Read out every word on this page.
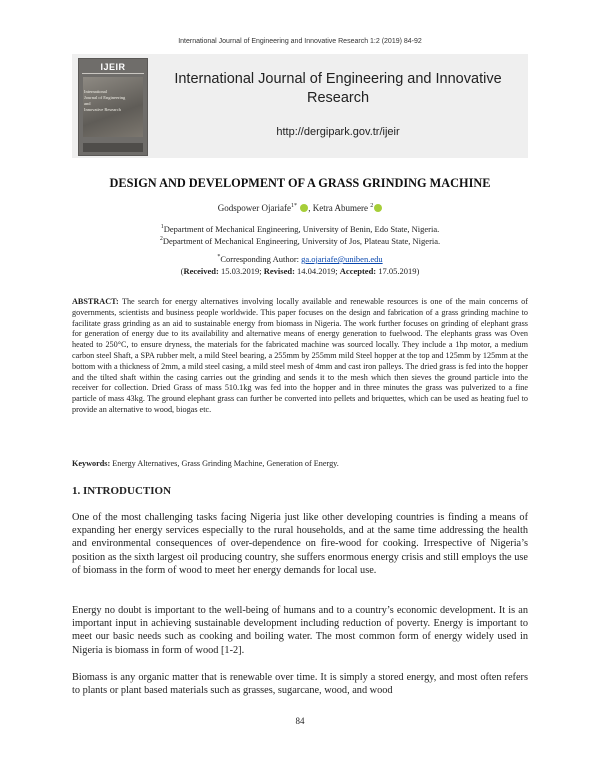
International Journal of Engineering and Innovative Research 1:2 (2019) 84-92
IJEIR
International
Journal of Engineering
and
Innovative Research
International Journal of Engineering and Innovative Research
http://dergipark.gov.tr/ijeir
DESIGN AND DEVELOPMENT OF A GRASS GRINDING MACHINE
Godspower Ojariafe$^{1*}$ , Ketra Abumere $^2$
$^1$Department of Mechanical Engineering, University of Benin, Edo State, Nigeria.
$^2$Department of Mechanical Engineering, University of Jos, Plateau State, Nigeria.
*Corresponding Author: ga.ojariafe@uniben.edu
(Received: 15.03.2019; Revised: 14.04.2019; Accepted: 17.05.2019)
ABSTRACT: The search for energy alternatives involving locally available and renewable resources is one of the main concerns of governments, scientists and business people worldwide. This paper focuses on the design and fabrication of a grass grinding machine to facilitate grass grinding as an aid to sustainable energy from biomass in Nigeria. The work further focuses on grinding of elephant grass for generation of energy due to its availability and alternative means of energy generation to fuelwood. The elephants grass was Oven heated to 250°C, to ensure dryness, the materials for the fabricated machine was sourced locally. They include a 1hp motor, a medium carbon steel Shaft, a SPA rubber melt, a mild Steel bearing, a 255mm by 255mm mild Steel hopper at the top and 125mm by 125mm at the bottom with a thickness of 2mm, a mild steel casing, a mild steel mesh of 4mm and cast iron palleys. The dried grass is fed into the hopper and the tilted shaft within the casing carries out the grinding and sends it to the mesh which then sieves the ground particle into the receiver for collection. Dried Grass of mass 510.1kg was fed into the hopper and in three minutes the grass was pulverized to a fine particle of mass 43kg. The ground elephant grass can further be converted into pellets and briquettes, which can be used as heating fuel to provide an alternative to wood, biogas etc.
Keywords: Energy Alternatives, Grass Grinding Machine, Generation of Energy.
1. INTRODUCTION
One of the most challenging tasks facing Nigeria just like other developing countries is finding a means of expanding her energy services especially to the rural households, and at the same time addressing the health and environmental consequences of over-dependence on fire-wood for cooking. Irrespective of Nigeria’s position as the sixth largest oil producing country, she suffers enormous energy crisis and still employs the use of biomass in the form of wood to meet her energy demands for local use.
Energy no doubt is important to the well-being of humans and to a country’s economic development. It is an important input in achieving sustainable development including reduction of poverty. Energy is important to meet our basic needs such as cooking and boiling water. The most common form of energy widely used in Nigeria is biomass in form of wood [1-2].
Biomass is any organic matter that is renewable over time. It is simply a stored energy, and most often refers to plants or plant based materials such as grasses, sugarcane, wood, and wood
84
